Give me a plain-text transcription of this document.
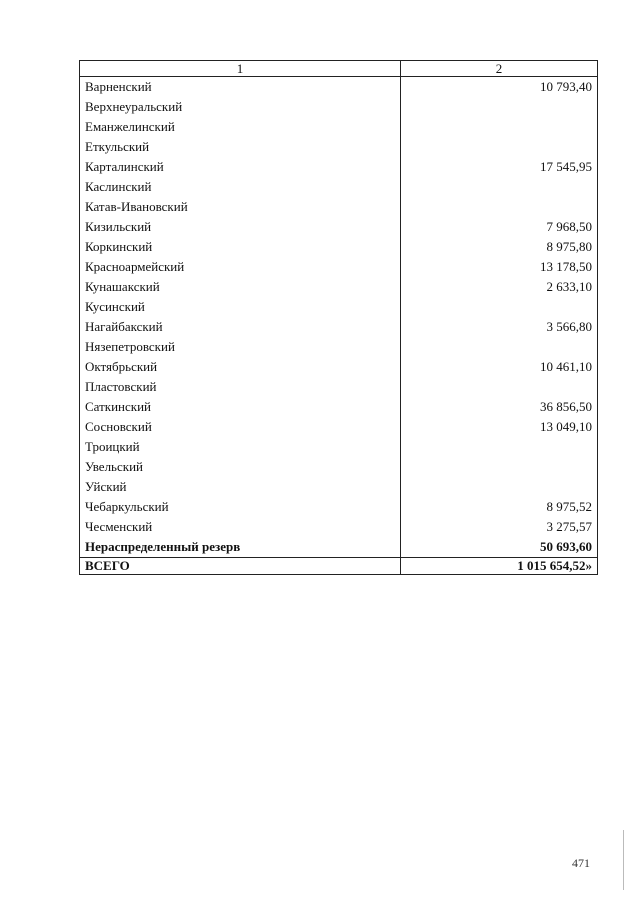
1	2
Варненский	10 793,40
Верхнеуральский	
Еманжелинский	
Еткульский	
Карталинский	17 545,95
Каслинский	
Катав-Ивановский	
Кизильский	7 968,50
Коркинский	8 975,80
Красноармейский	13 178,50
Кунашакский	2 633,10
Кусинский	
Нагайбакский	3 566,80
Нязепетровский	
Октябрьский	10 461,10
Пластовский	
Саткинский	36 856,50
Сосновский	13 049,10
Троицкий	
Увельский	
Уйский	
Чебаркульский	8 975,52
Чесменский	3 275,57
Нераспределенный резерв	50 693,60
ВСЕГО	1 015 654,52»
471
